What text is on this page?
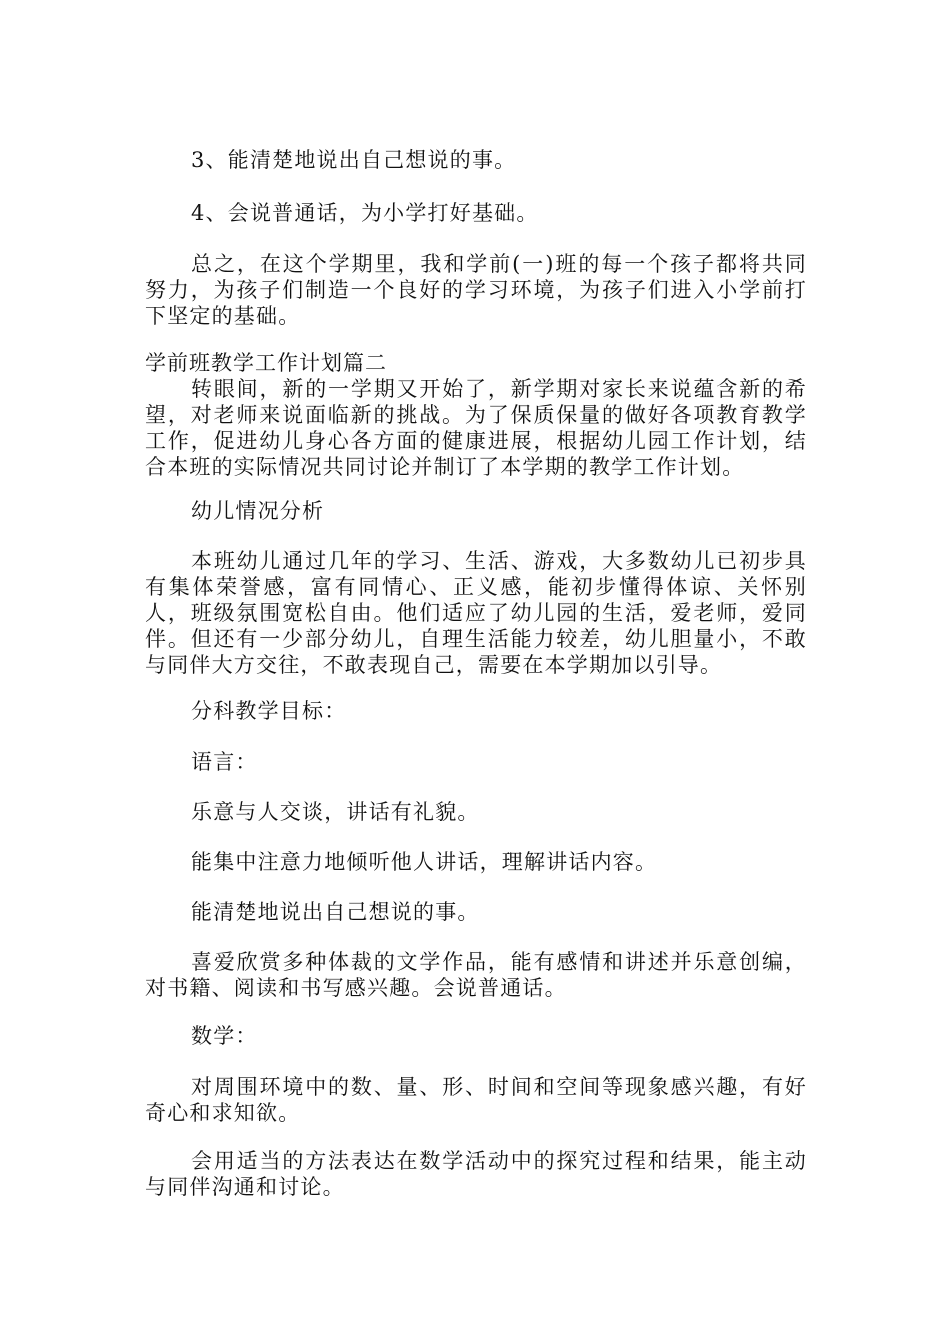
3、能清楚地说出自己想说的事。

4、会说普通话，为小学打好基础。

总之，在这个学期里，我和学前(一)班的每一个孩子都将共同努力，为孩子们制造一个良好的学习环境，为孩子们进入小学前打下坚定的基础。

学前班教学工作计划篇二

转眼间，新的一学期又开始了，新学期对家长来说蕴含新的希望，对老师来说面临新的挑战。为了保质保量的做好各项教育教学工作，促进幼儿身心各方面的健康进展，根据幼儿园工作计划，结合本班的实际情况共同讨论并制订了本学期的教学工作计划。

幼儿情况分析

本班幼儿通过几年的学习、生活、游戏，大多数幼儿已初步具有集体荣誉感，富有同情心、正义感，能初步懂得体谅、关怀别人，班级氛围宽松自由。他们适应了幼儿园的生活，爱老师，爱同伴。但还有一少部分幼儿，自理生活能力较差，幼儿胆量小，不敢与同伴大方交往，不敢表现自己，需要在本学期加以引导。

分科教学目标：

语言：

乐意与人交谈，讲话有礼貌。

能集中注意力地倾听他人讲话，理解讲话内容。

能清楚地说出自己想说的事。

喜爱欣赏多种体裁的文学作品，能有感情和讲述并乐意创编，对书籍、阅读和书写感兴趣。会说普通话。

数学：

对周围环境中的数、量、形、时间和空间等现象感兴趣，有好奇心和求知欲。

会用适当的方法表达在数学活动中的探究过程和结果，能主动与同伴沟通和讨论。
